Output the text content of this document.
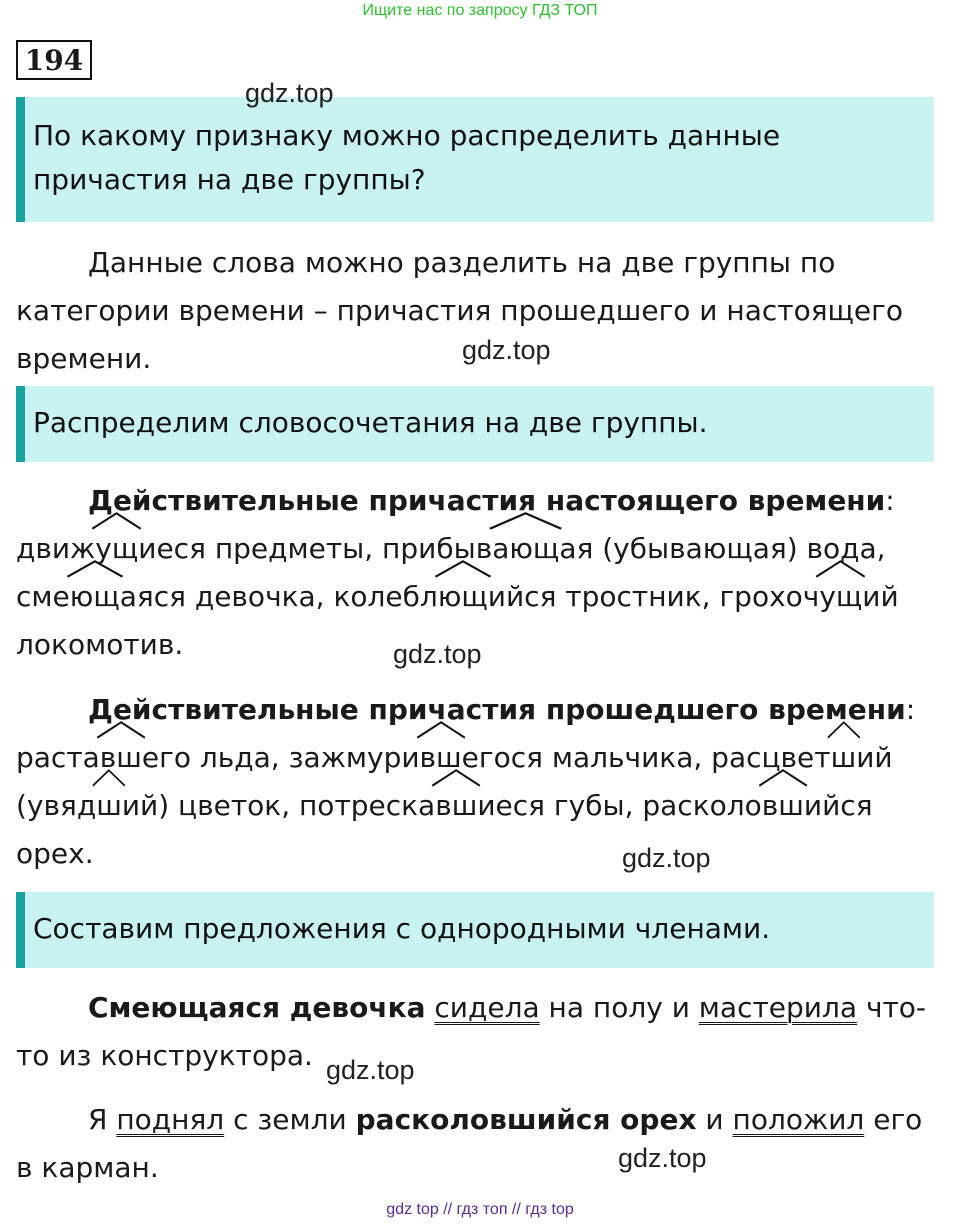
Ищите нас по запросу ГДЗ ТОП
194
По какому признаку можно распределить данные причастия на две группы?

Данные слова можно разделить на две группы по категории времени – причастия прошедшего и настоящего времени.

Распределим словосочетания на две группы.

Действительные причастия настоящего времени: движущ
иеся предметы, прибывающ
ая (убывающая) вода, смеющ
аяся девочка, колеблющ
ийся тростник, грохочущ
ий локомотив.

Действительные причастия прошедшего времени: раставш
его льда, зажмуривш
егося мальчика, расцветш
ий (увядш
ий) цветок, потрескавш
иеся губы, расколовш
ийся орех.

Составим предложения с однородными членами.

Смеющаяся девочка сидела на полу и мастерила что-то из конструктора.

Я поднял с земли расколовшийся орех и положил его в карман.

gdz.top
gdz.top
gdz.top
gdz.top
gdz.top
gdz.top
gdz top // гдз топ // гдз top
